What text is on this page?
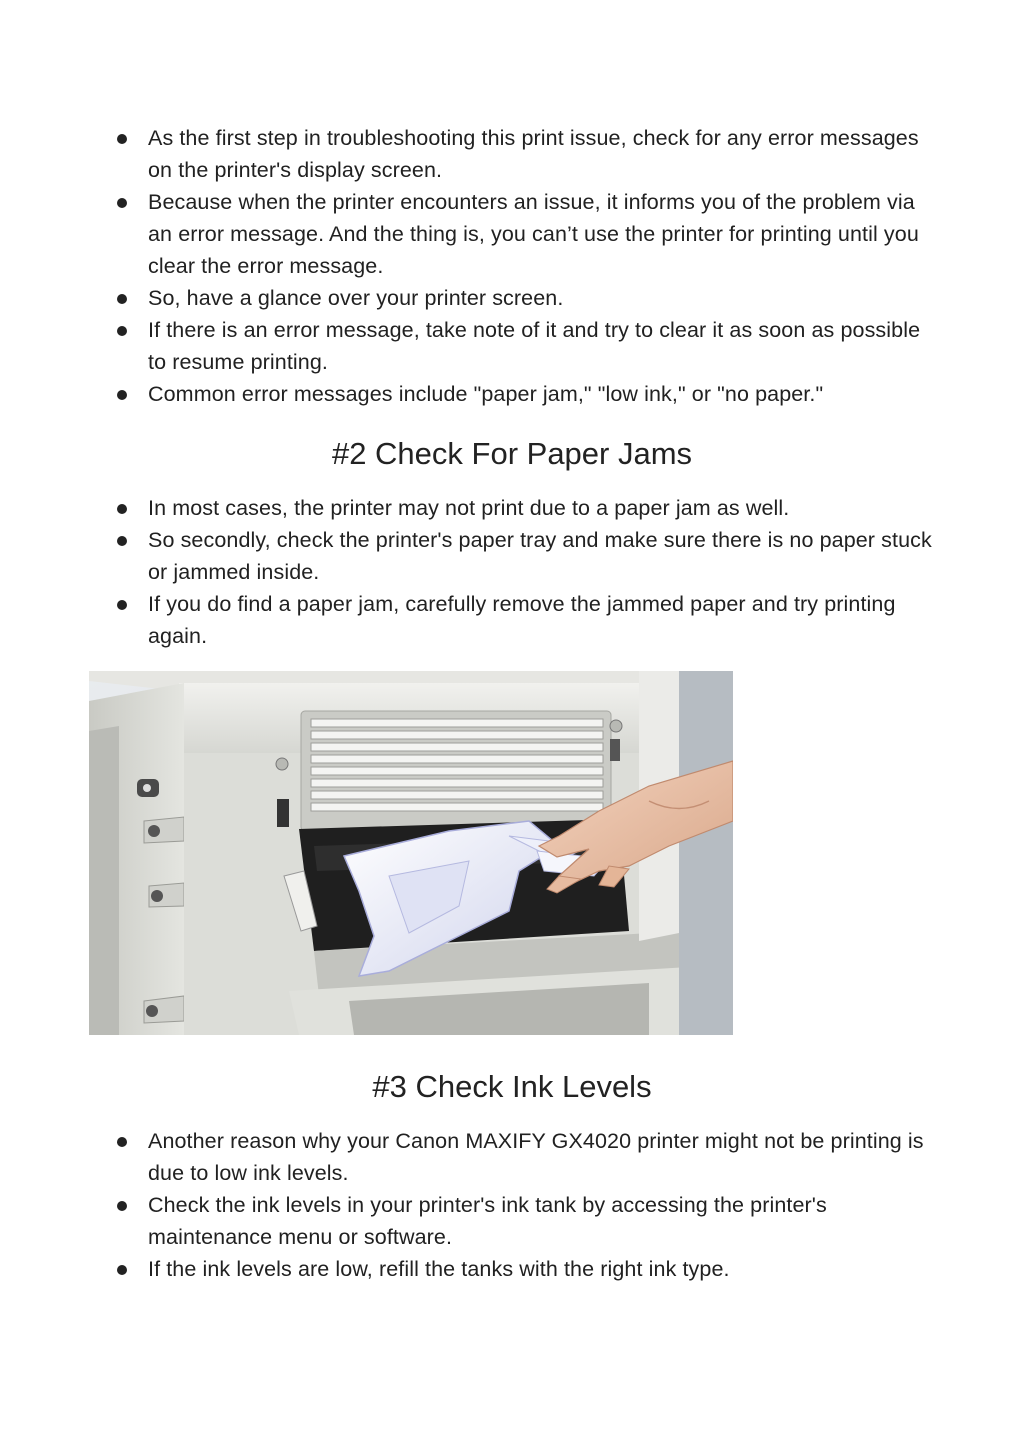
As the first step in troubleshooting this print issue, check for any error messages on the printer's display screen.
Because when the printer encounters an issue, it informs you of the problem via an error message. And the thing is, you can’t use the printer for printing until you clear the error message.
So, have a glance over your printer screen.
If there is an error message, take note of it and try to clear it as soon as possible to resume printing.
Common error messages include "paper jam," "low ink," or "no paper."
#2 Check For Paper Jams
In most cases, the printer may not print due to a paper jam as well.
So secondly, check the printer's paper tray and make sure there is no paper stuck or jammed inside.
If you do find a paper jam, carefully remove the jammed paper and try printing again.
#3 Check Ink Levels
Another reason why your Canon MAXIFY GX4020 printer might not be printing is due to low ink levels.
Check the ink levels in your printer's ink tank by accessing the printer's maintenance menu or software.
If the ink levels are low, refill the tanks with the right ink type.
